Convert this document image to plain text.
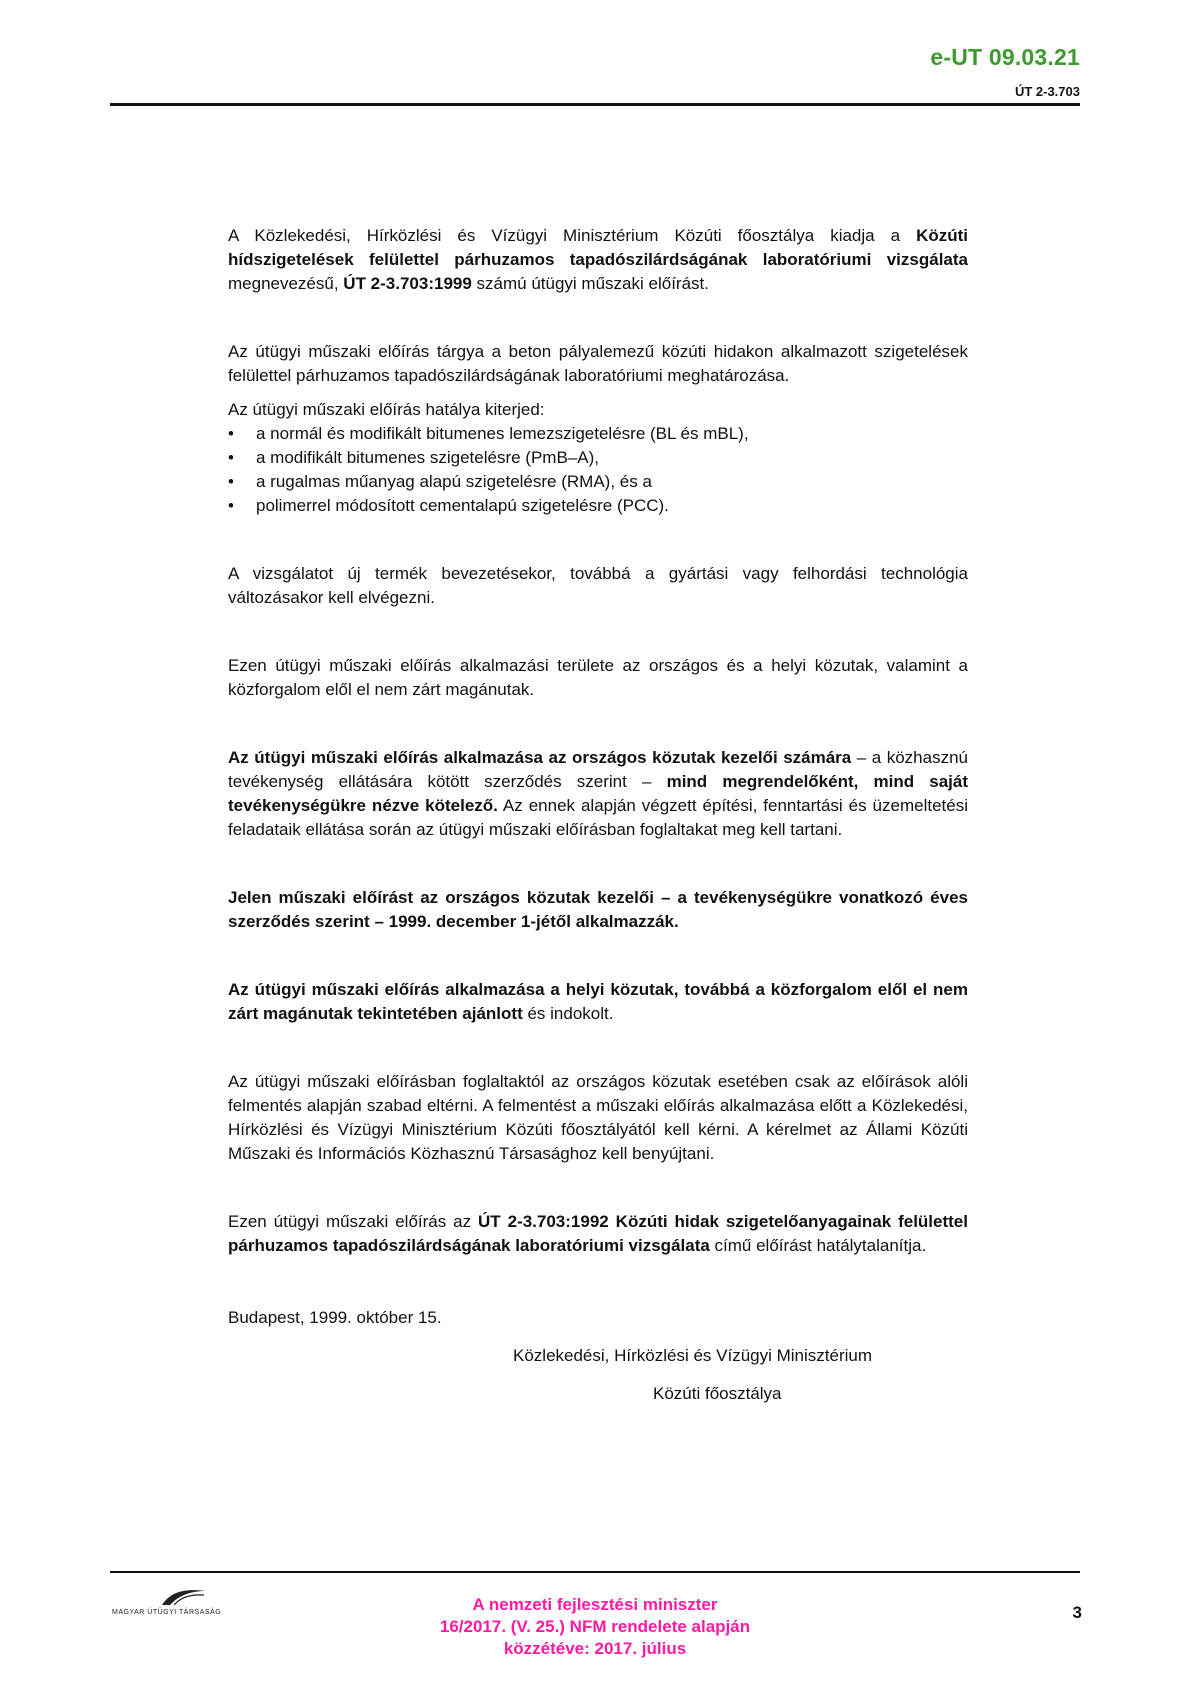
e-UT 09.03.21
ÚT 2-3.703

A Közlekedési, Hírközlési és Vízügyi Minisztérium Közúti főosztálya kiadja a Közúti hídszigetelések felülettel párhuzamos tapadószilárdságának laboratóriumi vizsgálata megnevezésű, ÚT 2-3.703:1999 számú útügyi műszaki előírást.

Az útügyi műszaki előírás tárgya a beton pályalemezű közúti hidakon alkalmazott szigetelések felülettel párhuzamos tapadószilárdságának laboratóriumi meghatározása.

Az útügyi műszaki előírás hatálya kiterjed:

•	a normál és modifikált bitumenes lemezszigetelésre (BL és mBL),
•	a modifikált bitumenes szigetelésre (PmB–A),
•	a rugalmas műanyag alapú szigetelésre (RMA), és a
•	polimerrel módosított cementalapú szigetelésre (PCC).

A vizsgálatot új termék bevezetésekor, továbbá a gyártási vagy felhordási technológia változásakor kell elvégezni.

Ezen útügyi műszaki előírás alkalmazási területe az országos és a helyi közutak, valamint a közforgalom elől el nem zárt magánutak.

Az útügyi műszaki előírás alkalmazása az országos közutak kezelői számára – a közhasznú tevékenység ellátására kötött szerződés szerint – mind megrendelőként, mind saját tevékenységükre nézve kötelező. Az ennek alapján végzett építési, fenntartási és üzemeltetési feladataik ellátása során az útügyi műszaki előírásban foglaltakat meg kell tartani.

Jelen műszaki előírást az országos közutak kezelői – a tevékenységükre vonatkozó éves szerződés szerint – 1999. december 1-jétől alkalmazzák.

Az útügyi műszaki előírás alkalmazása a helyi közutak, továbbá a közforgalom elől el nem zárt magánutak tekintetében ajánlott és indokolt.

Az útügyi műszaki előírásban foglaltaktól az országos közutak esetében csak az előírások alóli felmentés alapján szabad eltérni. A felmentést a műszaki előírás alkalmazása előtt a Közlekedési, Hírközlési és Vízügyi Minisztérium Közúti főosztályától kell kérni. A kérelmet az Állami Közúti Műszaki és Információs Közhasznú Társasághoz kell benyújtani.

Ezen útügyi műszaki előírás az ÚT 2-3.703:1992 Közúti hidak szigetelőanyagainak felülettel párhuzamos tapadószilárdságának laboratóriumi vizsgálata című előírást hatálytalanítja.

Budapest, 1999. október 15.

Közlekedési, Hírközlési és Vízügyi Minisztérium

Közúti főosztálya

MAGYAR ÚTÜGYI TÁRSASÁG	A nemzeti fejlesztési miniszter
16/2017. (V. 25.) NFM rendelete alapján
közzétéve: 2017. július
3
